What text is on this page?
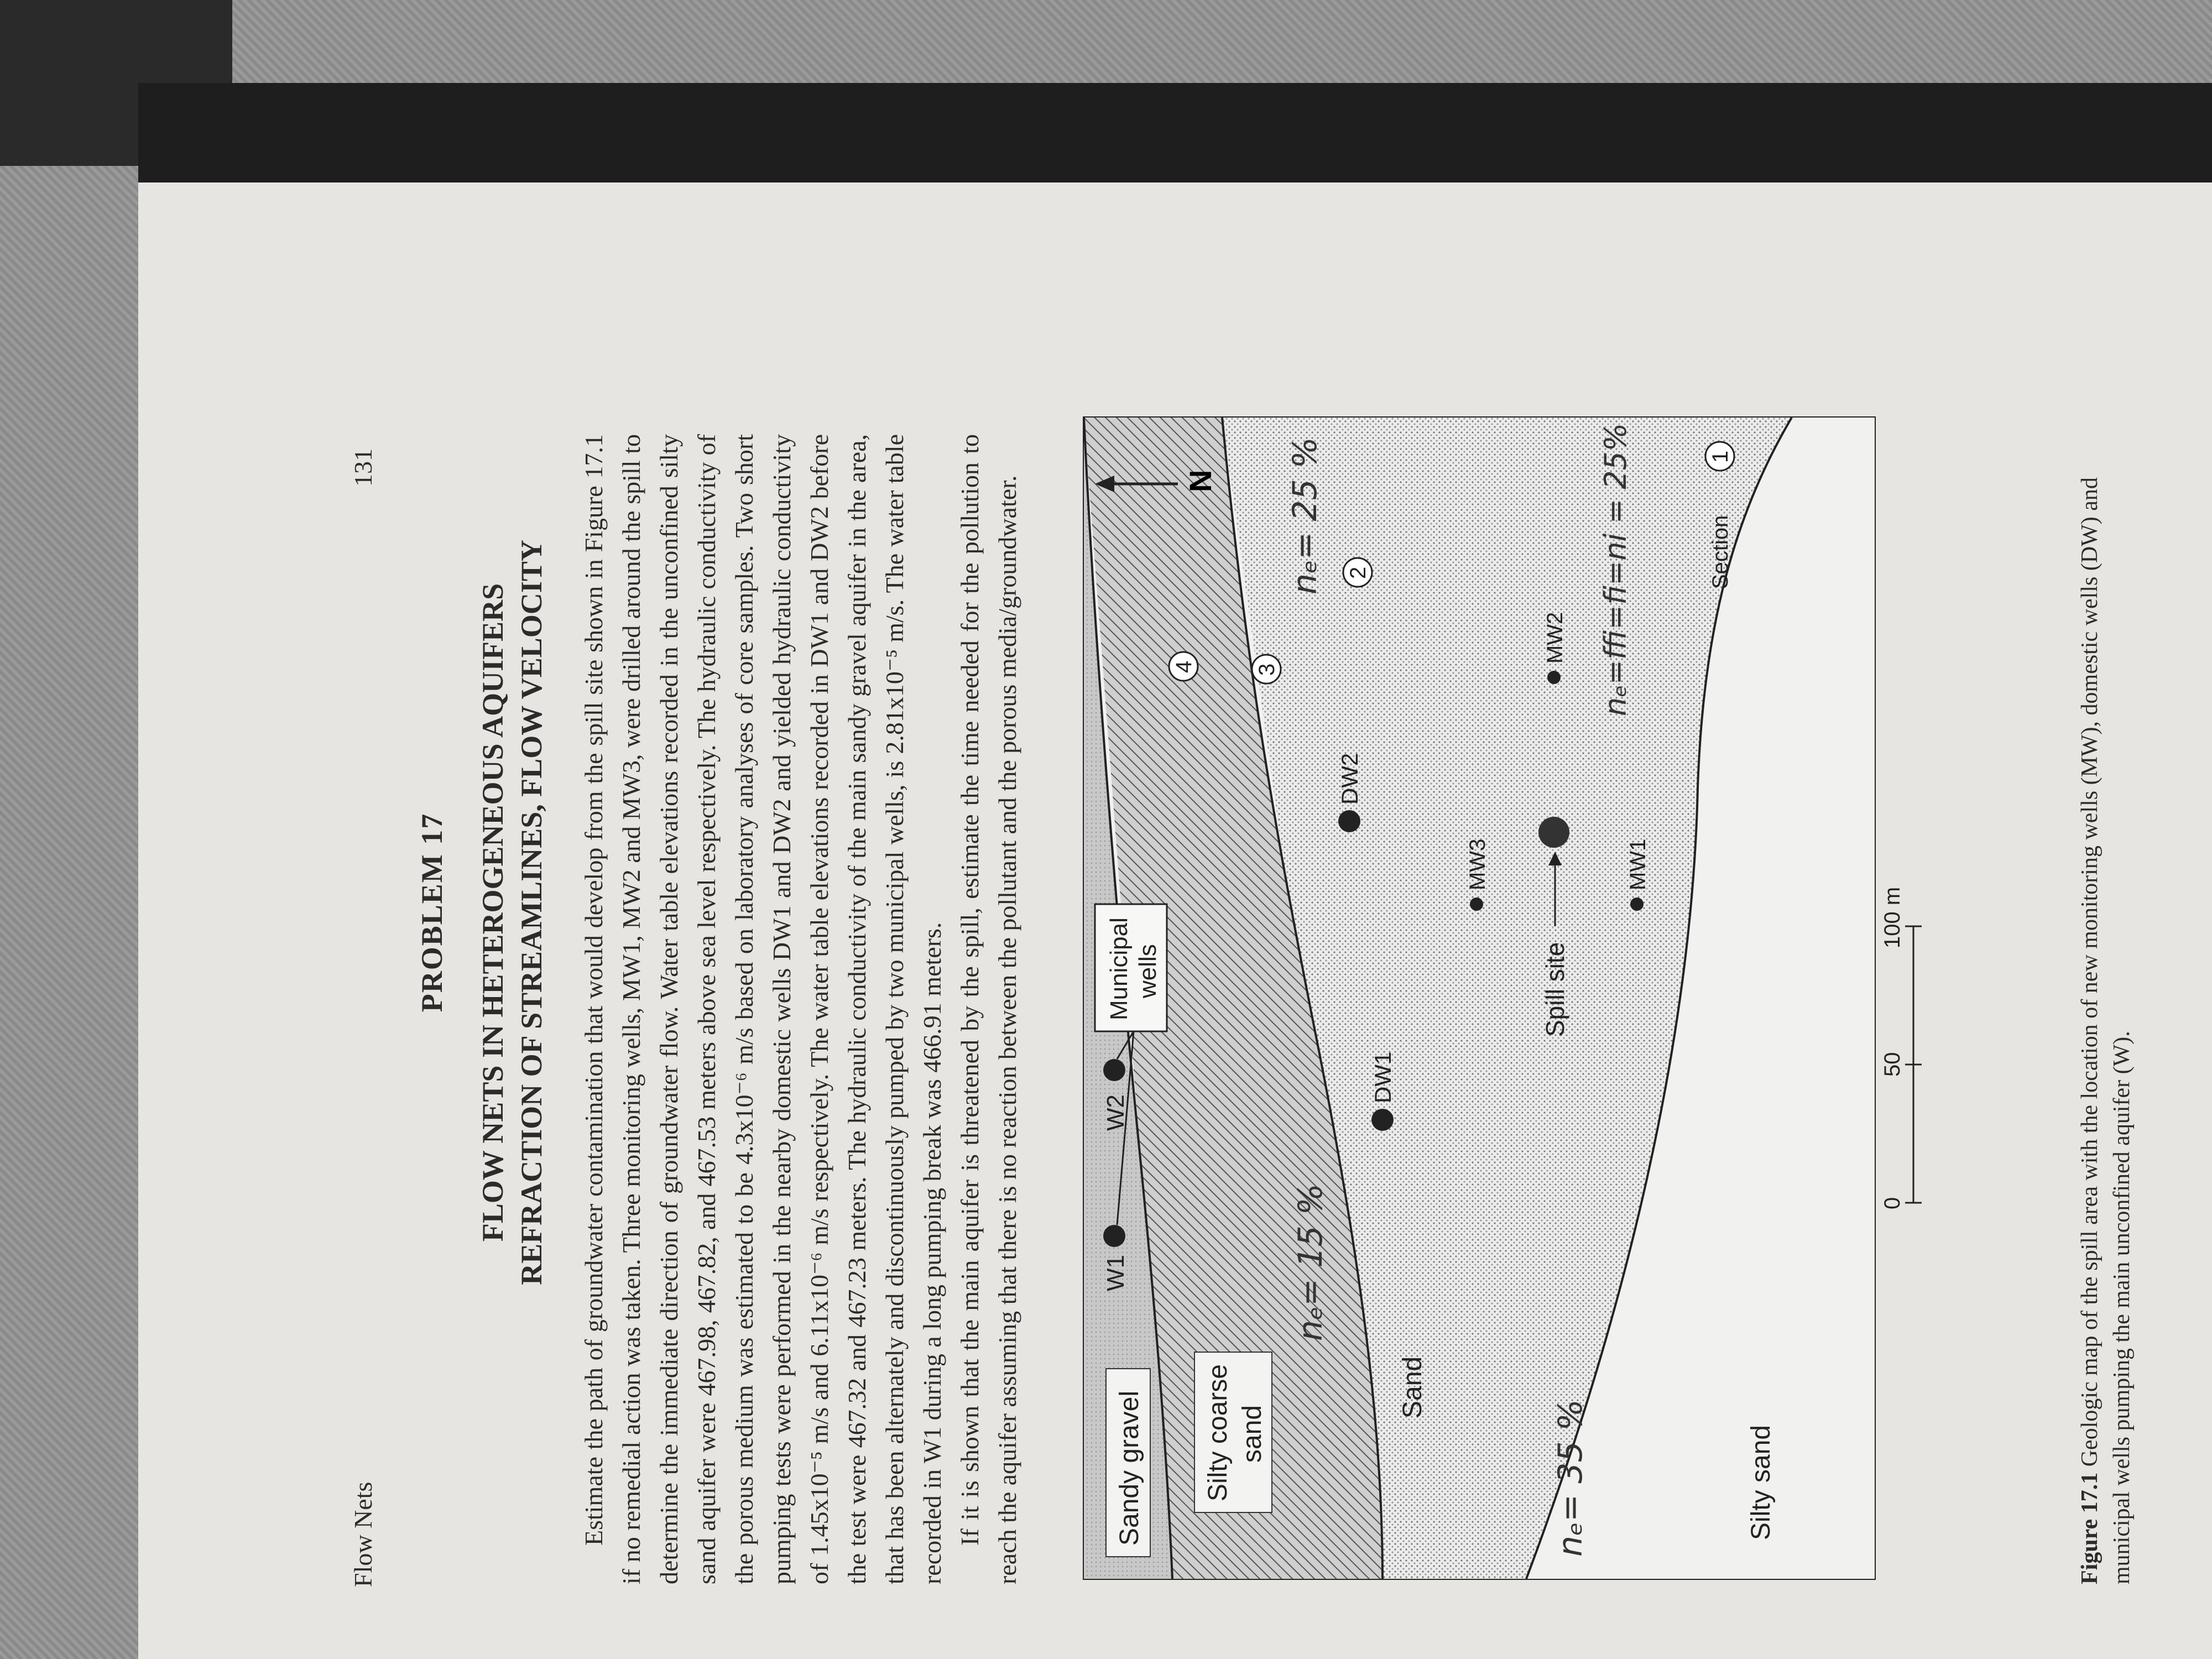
Flow Nets
131
PROBLEM 17 FLOW NETS IN HETEROGENEOUS AQUIFERS REFRACTION OF STREAMLINES, FLOW VELOCITY Estimate the path of groundwater contamination that would develop from the spill site shown in Figure 17.1 if no remedial action was taken. Three monitoring wells, MW1, MW2 and MW3, were drilled around the spill to determine the immediate direction of groundwater flow. Water table elevations recorded in the unconfined silty sand aquifer were 467.98, 467.82, and 467.53 meters above sea level respectively. The hydraulic conductivity of the porous medium was estimated to be 4.3x10⁻⁶ m/s based on laboratory analyses of core samples. Two short pumping tests were performed in the nearby domestic wells DW1 and DW2 and yielded hydraulic conductivity of 1.45x10⁻⁵ m/s and 6.11x10⁻⁶ m/s respectively. The water table elevations recorded in DW1 and DW2 before the test were 467.32 and 467.23 meters. The hydraulic conductivity of the main sandy gravel aquifer in the area, that has been alternately and discontinuously pumped by two municipal wells, is 2.81x10⁻⁵ m/s. The water table recorded in W1 during a long pumping break was 466.91 meters. If it is shown that the main aquifer is threatened by the spill, estimate the time needed for the pollution to reach the aquifer assuming that there is no reaction between the pollutant and the porous media/groundwater.	Sandy gravel Silty coarse sand
Sand
Silty sand
W1
W2
Municipal wells
N
DW1
DW2
MW3	MW1
MW2
Spill site
1
Section
2
3
4
nₑ= 35 %
nₑ= 15 %
nₑ= 25 %	nₑ=ffi=fi=ni = 25%
0
50
100 m
Figure 17.1 Geologic map of the spill area with the location of new monitoring wells (MW), domestic wells (DW) and municipal wells pumping the main unconfined aquifer (W).
